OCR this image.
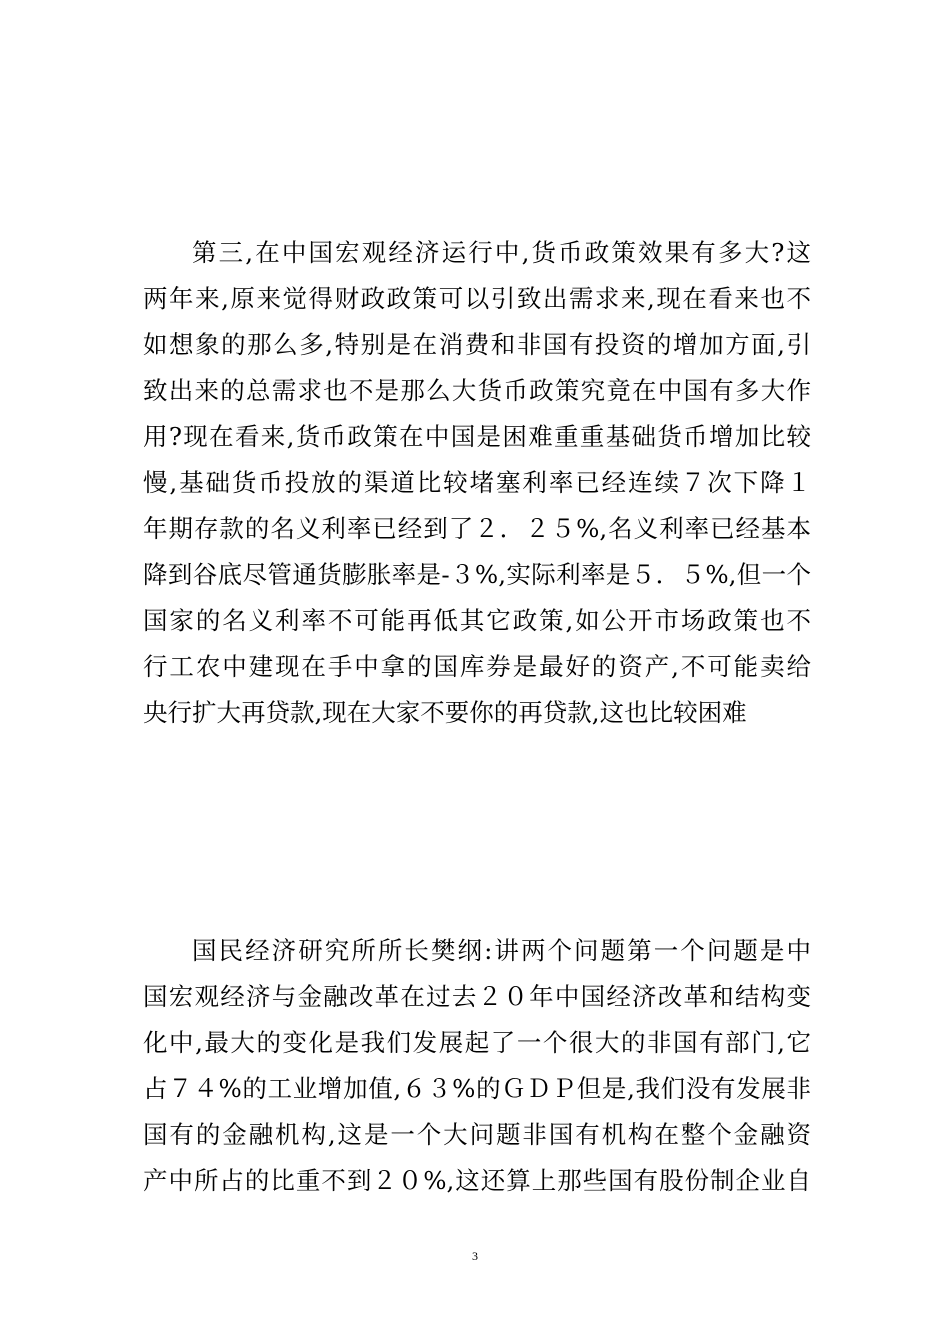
第三,在中国宏观经济运行中,货币政策效果有多大?这
两年来,原来觉得财政政策可以引致出需求来,现在看来也不
如想象的那么多,特别是在消费和非国有投资的增加方面,引
致出来的总需求也不是那么大货币政策究竟在中国有多大作
用?现在看来,货币政策在中国是困难重重基础货币增加比较
慢,基础货币投放的渠道比较堵塞利率已经连续７次下降１
年期存款的名义利率已经到了２．２５%,名义利率已经基本
降到谷底尽管通货膨胀率是-３%,实际利率是５．５%,但一个
国家的名义利率不可能再低其它政策,如公开市场政策也不
行工农中建现在手中拿的国库券是最好的资产,不可能卖给
央行扩大再贷款,现在大家不要你的再贷款,这也比较困难
国民经济研究所所长樊纲:讲两个问题第一个问题是中
国宏观经济与金融改革在过去２０年中国经济改革和结构变
化中,最大的变化是我们发展起了一个很大的非国有部门,它
占７４%的工业增加值,６３%的ＧＤＰ但是,我们没有发展非
国有的金融机构,这是一个大问题非国有机构在整个金融资
产中所占的比重不到２０%,这还算上那些国有股份制企业自
3
